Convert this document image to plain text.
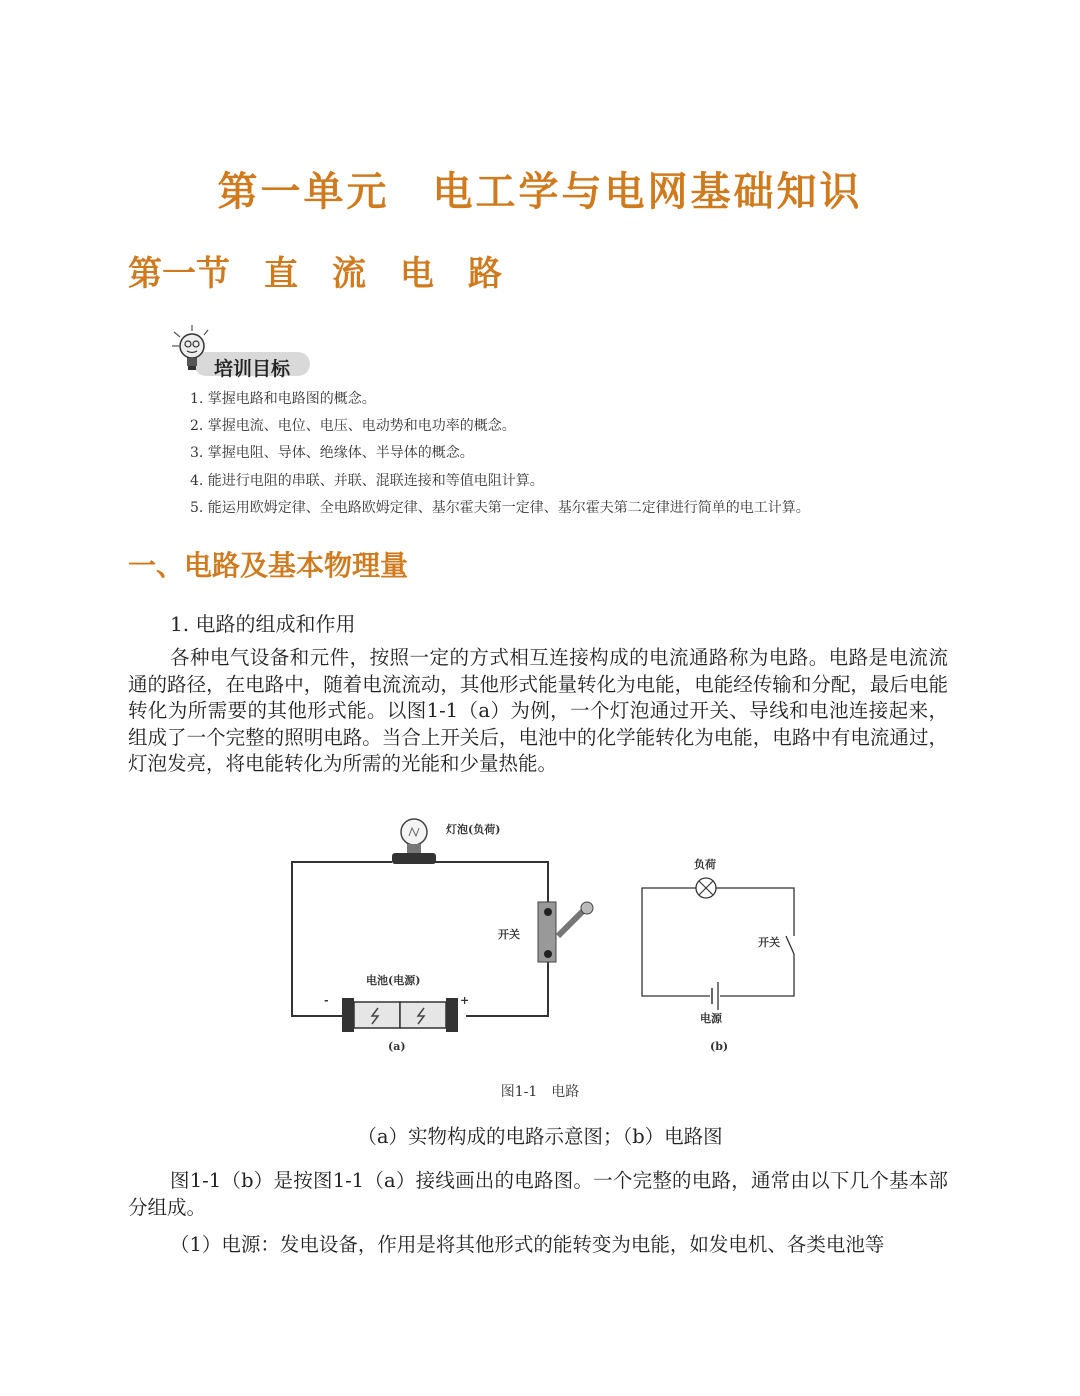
第一单元　电工学与电网基础知识
第一节　直　流　电　路
培训目标
1. 掌握电路和电路图的概念。
2. 掌握电流、电位、电压、电动势和电功率的概念。
3. 掌握电阻、导体、绝缘体、半导体的概念。
4. 能进行电阻的串联、并联、混联连接和等值电阻计算。
5. 能运用欧姆定律、全电路欧姆定律、基尔霍夫第一定律、基尔霍夫第二定律进行简单的电工计算。
一、电路及基本物理量
1. 电路的组成和作用

各种电气设备和元件，按照一定的方式相互连接构成的电流通路称为电路。电路是电流流通的路径，在电路中，随着电流流动，其他形式能量转化为电能，电能经传输和分配，最后电能转化为所需要的其他形式能。以图1-1（a）为例，一个灯泡通过开关、导线和电池连接起来，组成了一个完整的照明电路。当合上开关后，电池中的化学能转化为电能，电路中有电流通过，灯泡发亮，将电能转化为所需的光能和少量热能。

灯泡(负荷)
开关
电池(电源)
-	+
(a)
负荷
开关
电源
(b)
图1-1　电路
（a）实物构成的电路示意图；（b）电路图

图1-1（b）是按图1-1（a）接线画出的电路图。一个完整的电路，通常由以下几个基本部分组成。

（1）电源：发电设备，作用是将其他形式的能转变为电能，如发电机、各类电池等
